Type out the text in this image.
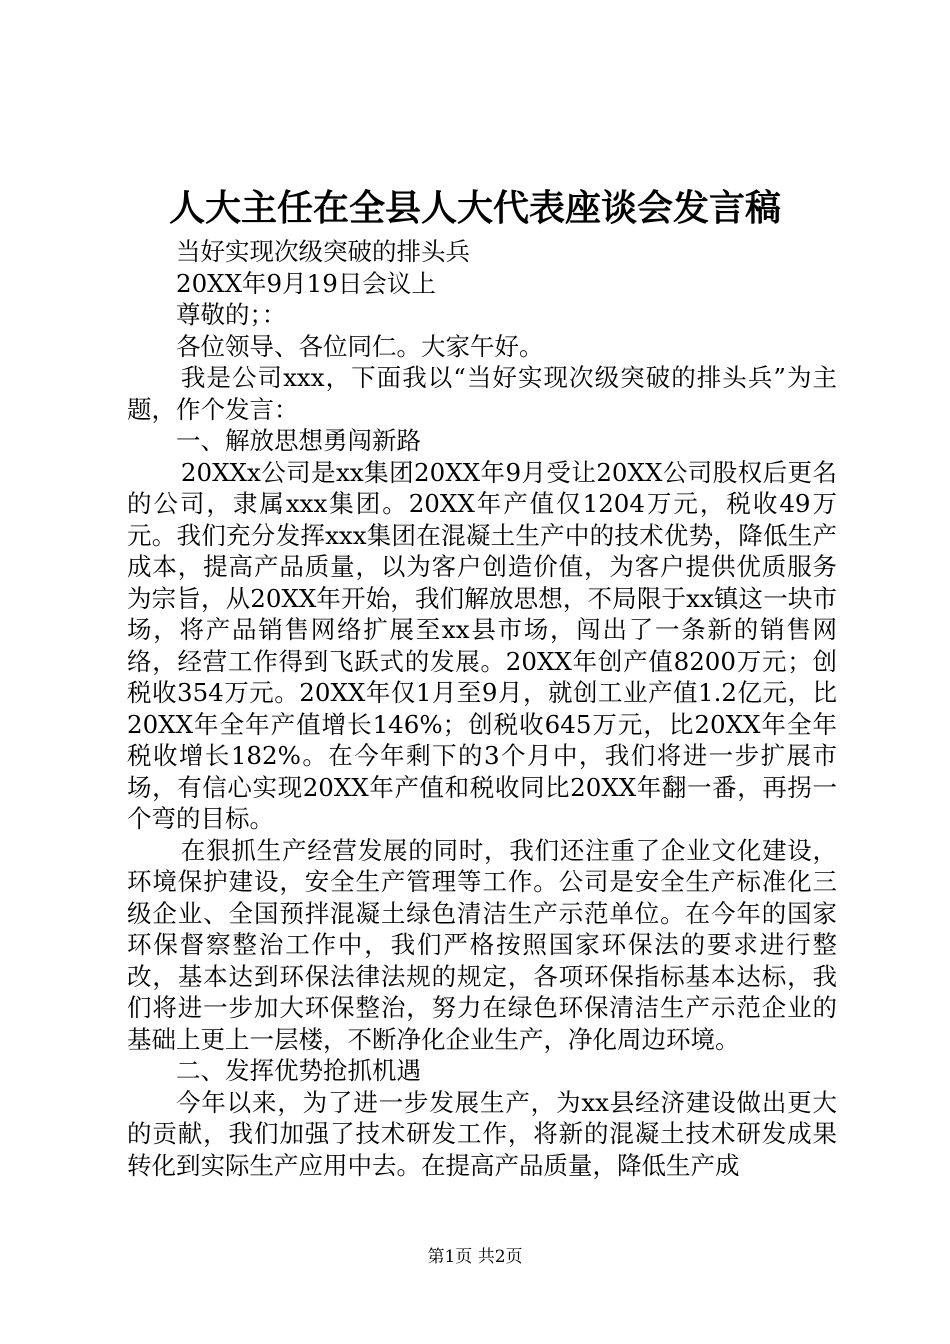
人大主任在全县人大代表座谈会发言稿

当好实现次级突破的排头兵

20XX年9月19日会议上

尊敬的；：

各位领导、各位同仁。大家午好。

我是公司xxx，下面我以“当好实现次级突破的排头兵”为主题，作个发言：

一、解放思想勇闯新路

20XXx公司是xx集团20XX年9月受让20XX公司股权后更名的公司，隶属xxx集团。20XX年产值仅1204万元，税收49万元。我们充分发挥xxx集团在混凝土生产中的技术优势，降低生产成本，提高产品质量，以为客户创造价值，为客户提供优质服务为宗旨，从20XX年开始，我们解放思想，不局限于xx镇这一块市场，将产品销售网络扩展至xx县市场，闯出了一条新的销售网络，经营工作得到飞跃式的发展。20XX年创产值8200万元；创税收354万元。20XX年仅1月至9月，就创工业产值1.2亿元，比20XX年全年产值增长146%；创税收645万元，比20XX年全年税收增长182%。在今年剩下的3个月中，我们将进一步扩展市场，有信心实现20XX年产值和税收同比20XX年翻一番，再拐一个弯的目标。

在狠抓生产经营发展的同时，我们还注重了企业文化建设，环境保护建设，安全生产管理等工作。公司是安全生产标准化三级企业、全国预拌混凝土绿色清洁生产示范单位。在今年的国家环保督察整治工作中，我们严格按照国家环保法的要求进行整改，基本达到环保法律法规的规定，各项环保指标基本达标，我们将进一步加大环保整治，努力在绿色环保清洁生产示范企业的基础上更上一层楼，不断净化企业生产，净化周边环境。

二、发挥优势抢抓机遇

今年以来，为了进一步发展生产，为xx县经济建设做出更大的贡献，我们加强了技术研发工作，将新的混凝土技术研发成果转化到实际生产应用中去。在提高产品质量，降低生产成

第1页 共2页
